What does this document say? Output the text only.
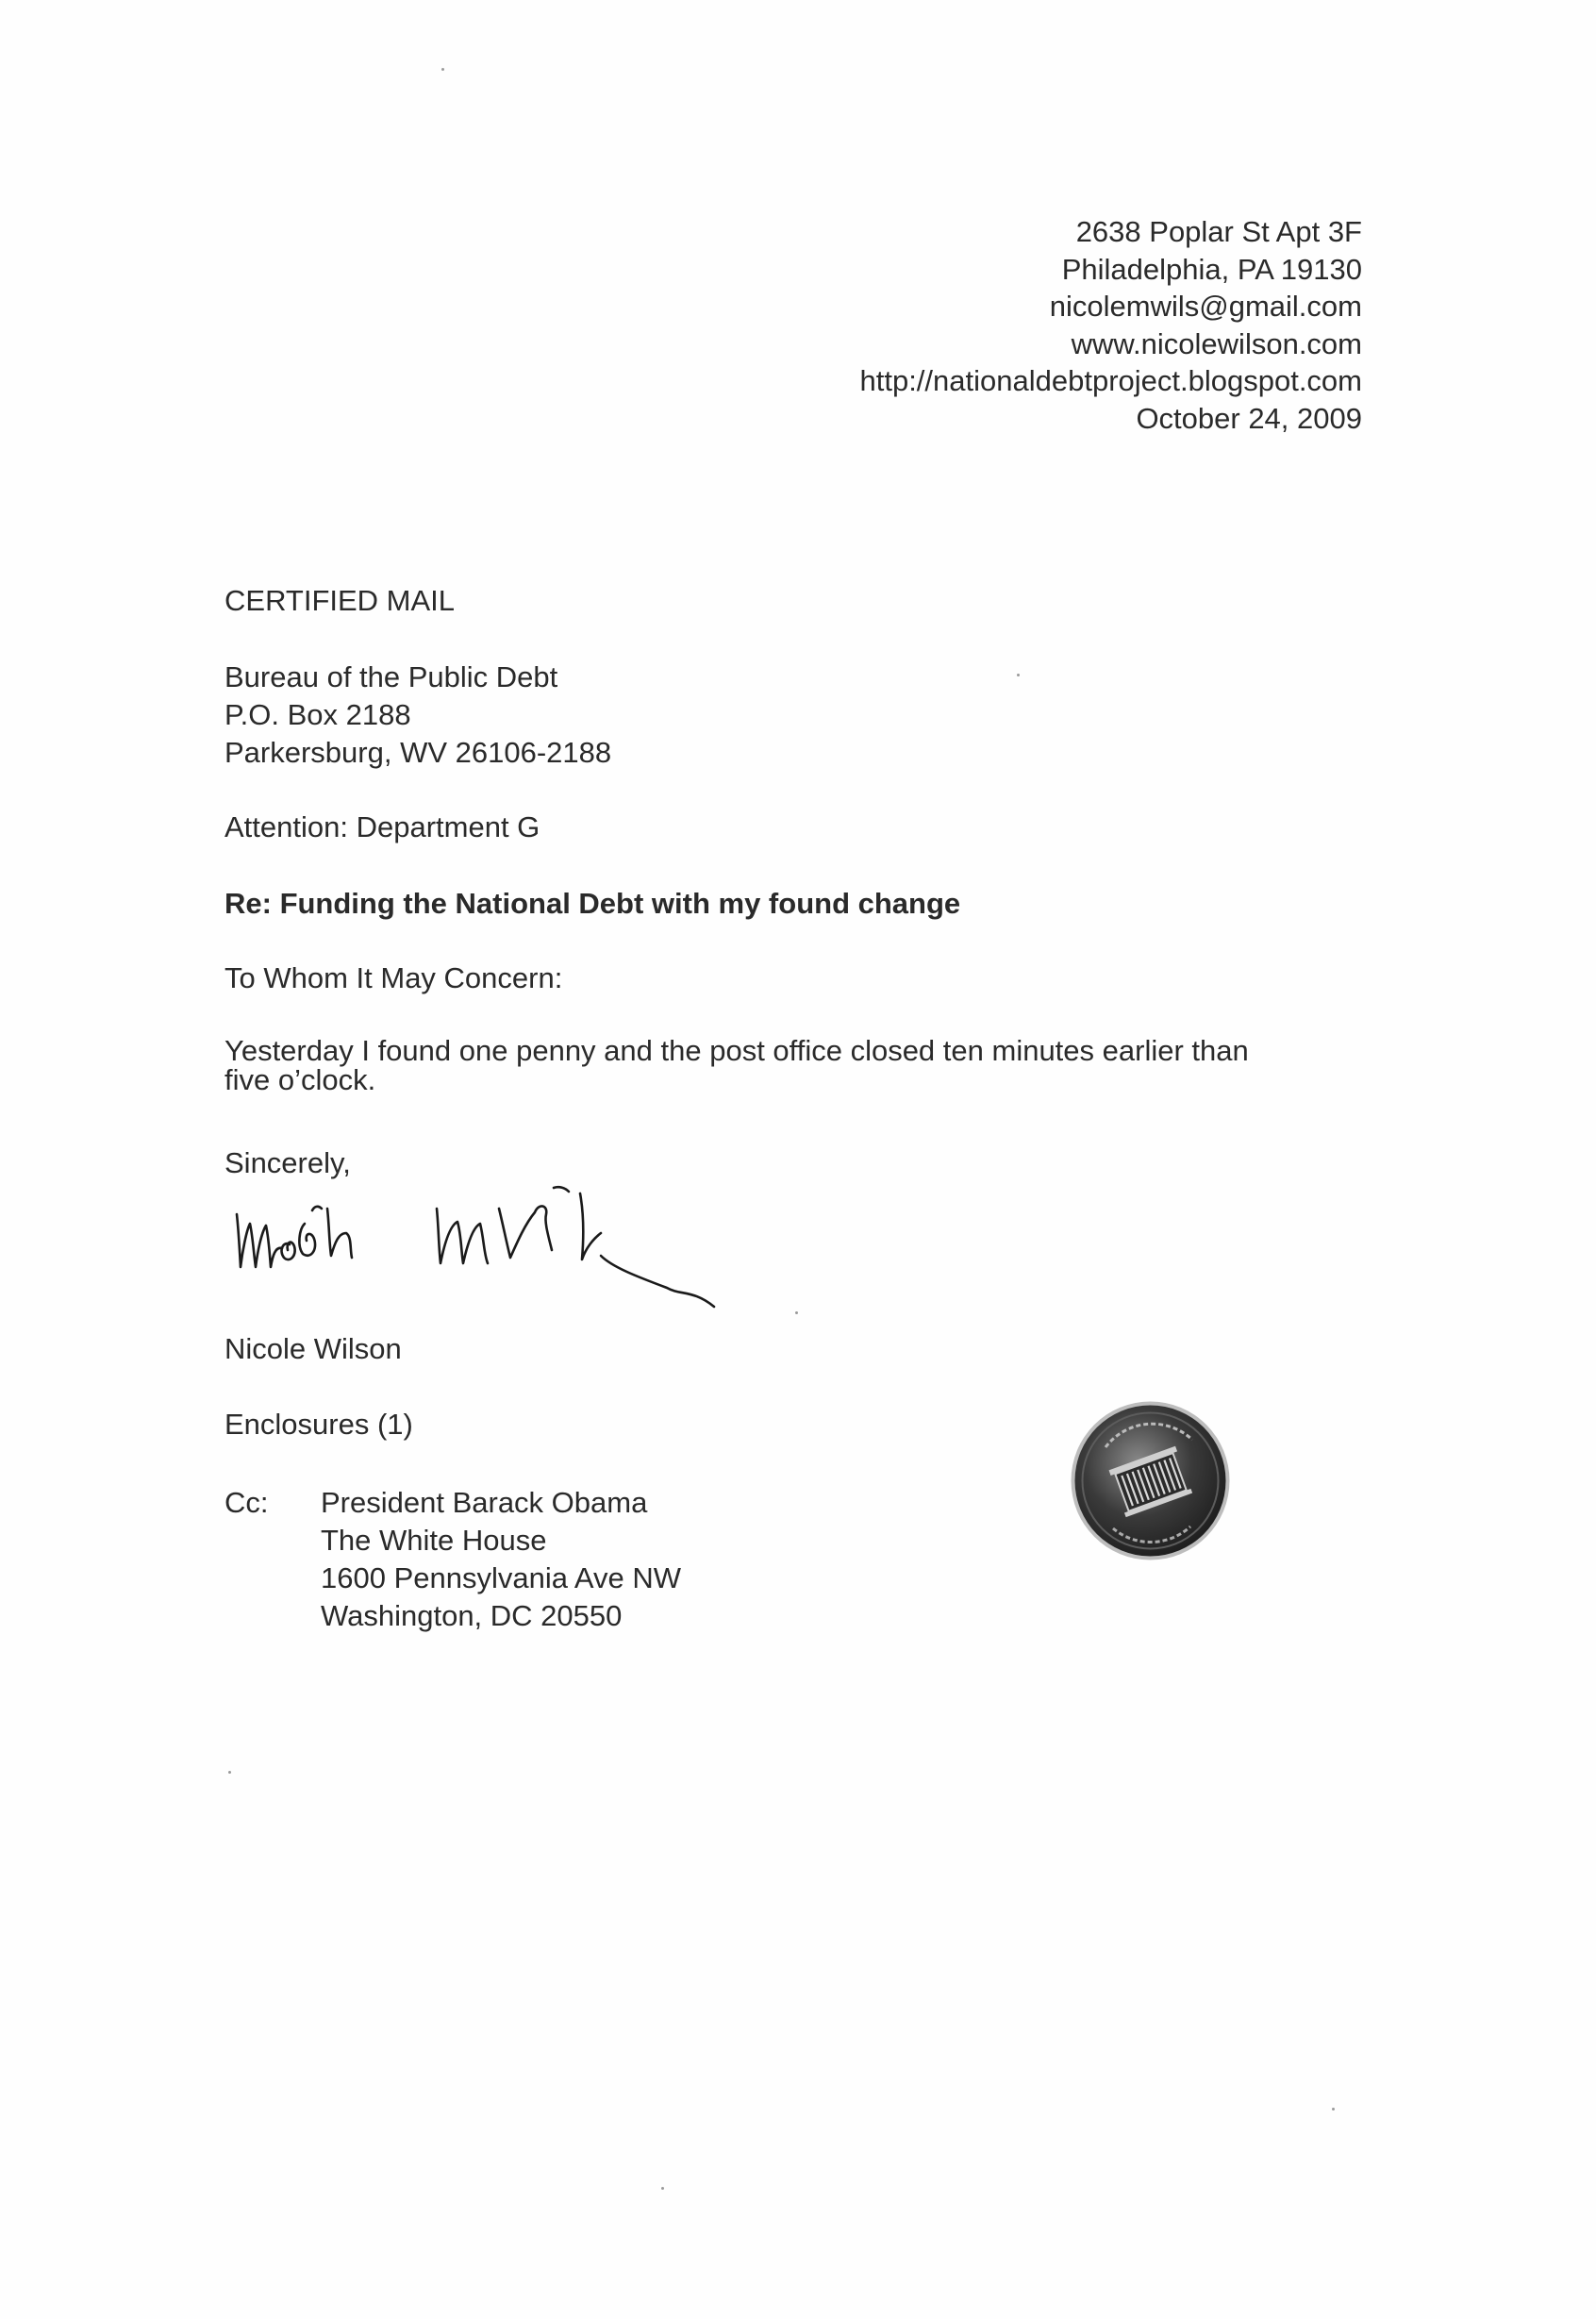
2638 Poplar St Apt 3F
Philadelphia, PA 19130
nicolemwils@gmail.com
www.nicolewilson.com
http://nationaldebtproject.blogspot.com
October 24, 2009
CERTIFIED MAIL
Bureau of the Public Debt
P.O. Box 2188
Parkersburg, WV 26106-2188
Attention: Department G
Re: Funding the National Debt with my found change
To Whom It May Concern:
Yesterday I found one penny and the post office closed ten minutes earlier than
five o’clock.
Sincerely,
Nicole Wilson
Enclosures (1)
Cc: President Barack Obama
The White House
1600 Pennsylvania Ave NW
Washington, DC 20550
